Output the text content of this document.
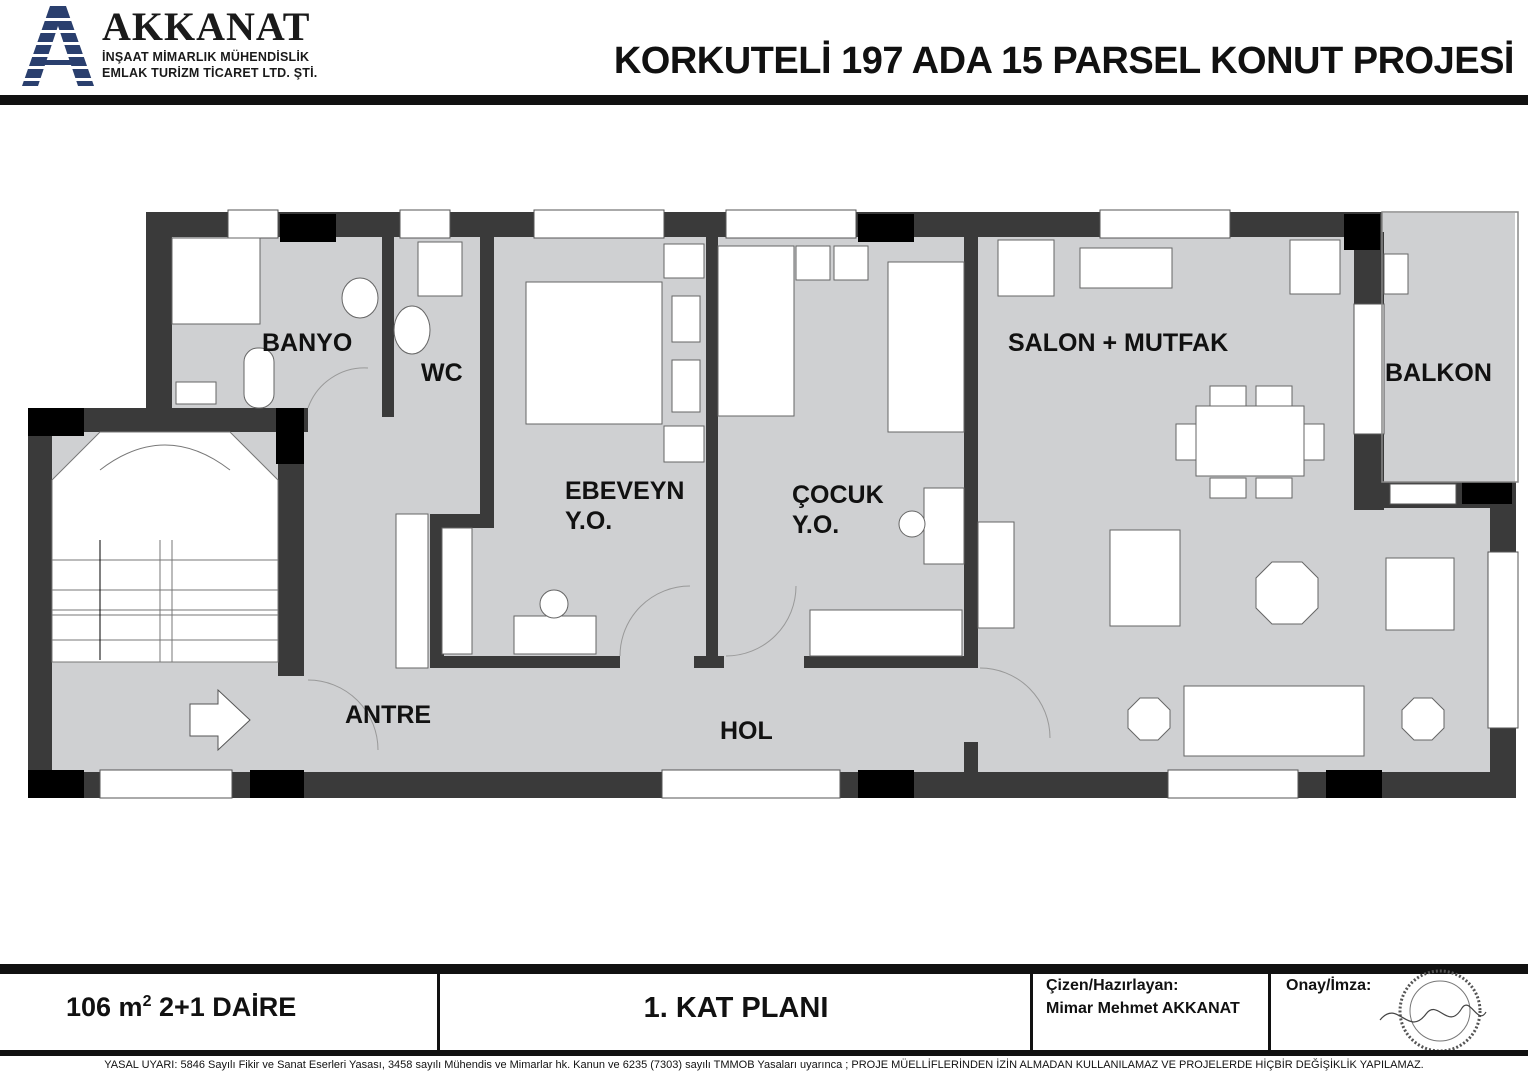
AKKANAT
İNŞAAT MİMARLIK MÜHENDİSLİK
EMLAK TURİZM TİCARET LTD. ŞTİ.	KORKUTELİ 197 ADA 15 PARSEL KONUT PROJESİ
BANYO
WC
EBEVEYN
Y.O.
ÇOCUK
Y.O.
SALON + MUTFAK
BALKON
ANTRE
HOL
106 $m^2$ 2+1 DAİRE	1. KAT PLANI
Çizen/Hazırlayan:
Mimar Mehmet AKKANAT
Onay/İmza:
YASAL UYARI: 5846 Sayılı Fikir ve Sanat Eserleri Yasası, 3458 sayılı Mühendis ve Mimarlar hk. Kanun ve 6235 (7303) sayılı TMMOB Yasaları uyarınca ; PROJE MÜELLİFLERİNDEN İZİN ALMADAN KULLANILAMAZ VE PROJELERDE HİÇBİR DEĞİŞİKLİK YAPILAMAZ.
